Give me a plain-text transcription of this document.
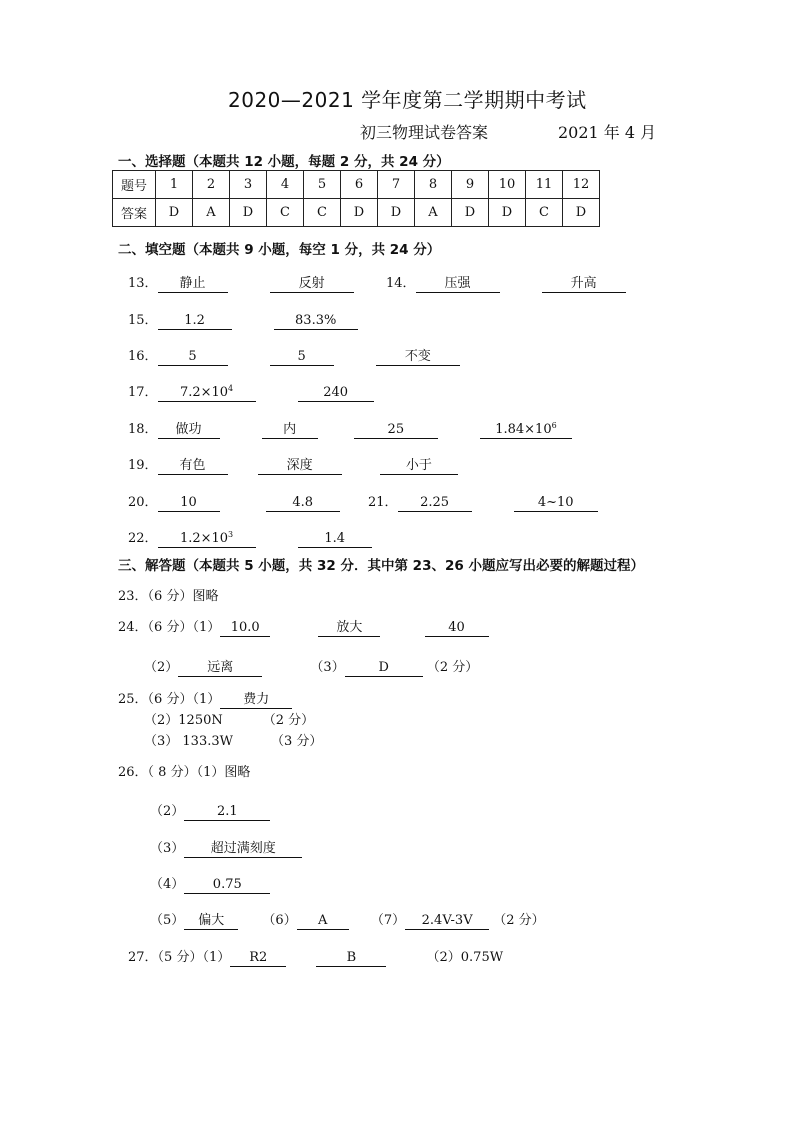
2020—2021 学年度第二学期期中考试
初三物理试卷答案	2021 年 4 月
一、选择题（本题共 12 小题，每题 2 分，共 24 分）
题号	1	2	3	4	5	6	7	8	9	10	11	12
答案	D	A	D	C	C	D	D	A	D	D	C	D
二、填空题（本题共 9 小题，每空 1 分，共 24 分）
13． 静止	反射	14． 压强	升高
15． 1.2	83.3%
16． 5	5	不变
17． $7.2\times 10^4$	240
18． 做功	内	25	$1.84\times 10^6$
19． 有色	深度	小于
20． 10	4.8	21． 2.25	4~10
22． $1.2\times 10^3$	1.4
三、解答题（本题共 5 小题，共 32 分．其中第 23、26 小题应写出必要的解题过程）
23．（6 分）图略
24．（6 分）（1） 10.0	放大	40
（2） 远离	（3）	D	（2 分）
25．（6 分）（1） 费力
（2）1250N	（2 分）
（3） 133.3W	（3 分）
26．（ 8 分）（1）图略
（2）	2.1
（3） 超过满刻度
（4） 0.75
（5） 偏大	（6） A	（7） 2.4V-3V （2 分）
27．（5 分）（1） R2	B	（2）0.75W
